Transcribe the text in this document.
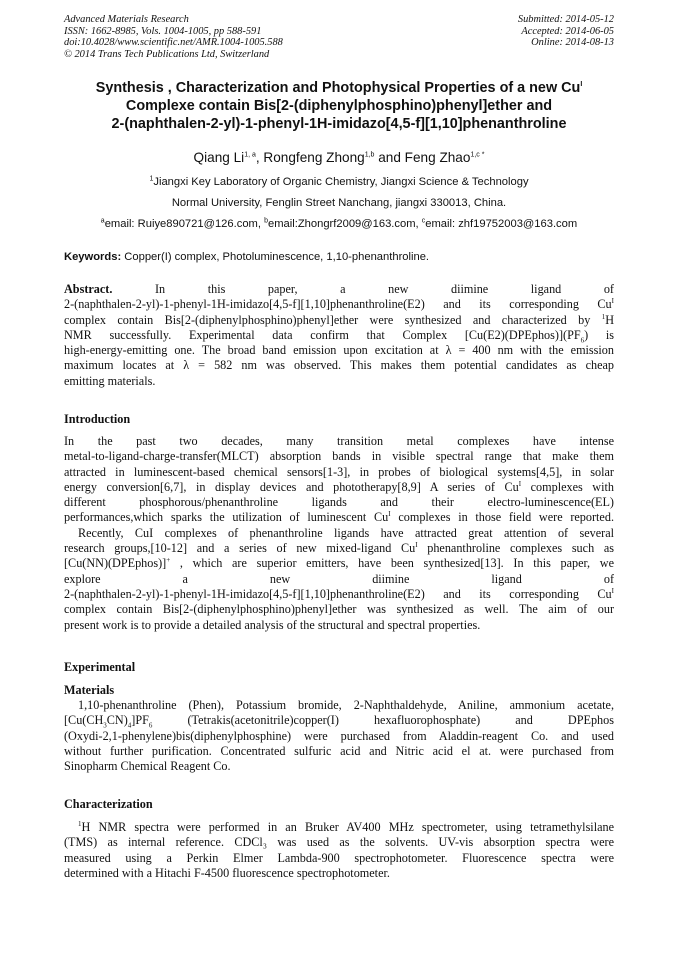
Advanced Materials Research
ISSN: 1662-8985, Vols. 1004-1005, pp 588-591
doi:10.4028/www.scientific.net/AMR.1004-1005.588
© 2014 Trans Tech Publications Ltd, Switzerland
Submitted: 2014-05-12
Accepted: 2014-06-05
Online: 2014-08-13
Synthesis , Characterization and Photophysical Properties of a new $Cu^I$
Complexe contain Bis[2-(diphenylphosphino)phenyl]ether and
2-(naphthalen-2-yl)-1-phenyl-1H-imidazo[4,5-f][1,10]phenanthroline
Qiang Li$^{1, a}$, Rongfeng Zhong$^{1,b}$ and Feng Zhao$^{1,c *}$
$^1$Jiangxi Key Laboratory of Organic Chemistry, Jiangxi Science & Technology
Normal University, Fenglin Street Nanchang, jiangxi 330013, China.
$^a$email: Ruiye890721@126.com, $^b$email:Zhongrf2009@163.com, $^c$email: zhf19752003@163.com
Keywords: Copper(I) complex, Photoluminescence, 1,10-phenanthroline.
Abstract. In this paper, a new diimine ligand of
2-(naphthalen-2-yl)-1-phenyl-1H-imidazo[4,5-f][1,10]phenanthroline(E2) and its corresponding $Cu^I$
complex contain Bis[2-(diphenylphosphino)phenyl]ether were synthesized and characterized by $^1$H
NMR successfully. Experimental data confirm that Complex $[Cu(E2)(DPEphos)](PF_6)$ is
high-energy-emitting one. The broad band emission upon excitation at λ = 400 nm with the emission
maximum locates at λ = 582 nm was observed. This makes them potential candidates as cheap
emitting materials.
Introduction
In the past two decades, many transition metal complexes have intense
metal-to-ligand-charge-transfer(MLCT) absorption bands in visible spectral range that make them
attracted in luminescent-based chemical sensors[1-3], in probes of biological systems[4,5], in solar
energy conversion[6,7], in display devices and phototherapy[8,9] A series of $Cu^I$ complexes with
different phosphorous/phenanthroline ligands and their electro-luminescence(EL)
performances,which sparks the utilization of luminescent $Cu^I$ complexes in those field were reported.
Recently, CuI complexes of phenanthroline ligands have attracted great attention of several
research groups,[10-12] and a series of new mixed-ligand $Cu^I$ phenanthroline complexes such as
[Cu(NN)(DPEphos)]+ , which are superior emitters, have been synthesized[13]. In this paper, we
explore a new diimine ligand of
2-(naphthalen-2-yl)-1-phenyl-1H-imidazo[4,5-f][1,10]phenanthroline(E2) and its corresponding $Cu^I$
complex contain Bis[2-(diphenylphosphino)phenyl]ether was synthesized as well. The aim of our
present work is to provide a detailed analysis of the structural and spectral properties.
Experimental
Materials
1,10-phenanthroline (Phen), Potassium bromide, 2-Naphthaldehyde, Aniline, ammonium acetate,
$[Cu(CH_3CN)_4]PF_6$ (Tetrakis(acetonitrile)copper(I) hexafluorophosphate) and DPEphos
(Oxydi-2,1-phenylene)bis(diphenylphosphine) were purchased from Aladdin-reagent Co. and used
without further purification. Concentrated sulfuric acid and Nitric acid el at. were purchased from
Sinopharm Chemical Reagent Co.
Characterization
$^1$H NMR spectra were performed in an Bruker AV400 MHz spectrometer, using tetramethylsilane
(TMS) as internal reference. CDCl₃ was used as the solvents. UV-vis absorption spectra were
measured using a Perkin Elmer Lambda-900 spectrophotometer. Fluorescence spectra were
determined with a Hitachi F-4500 fluorescence spectrophotometer.
